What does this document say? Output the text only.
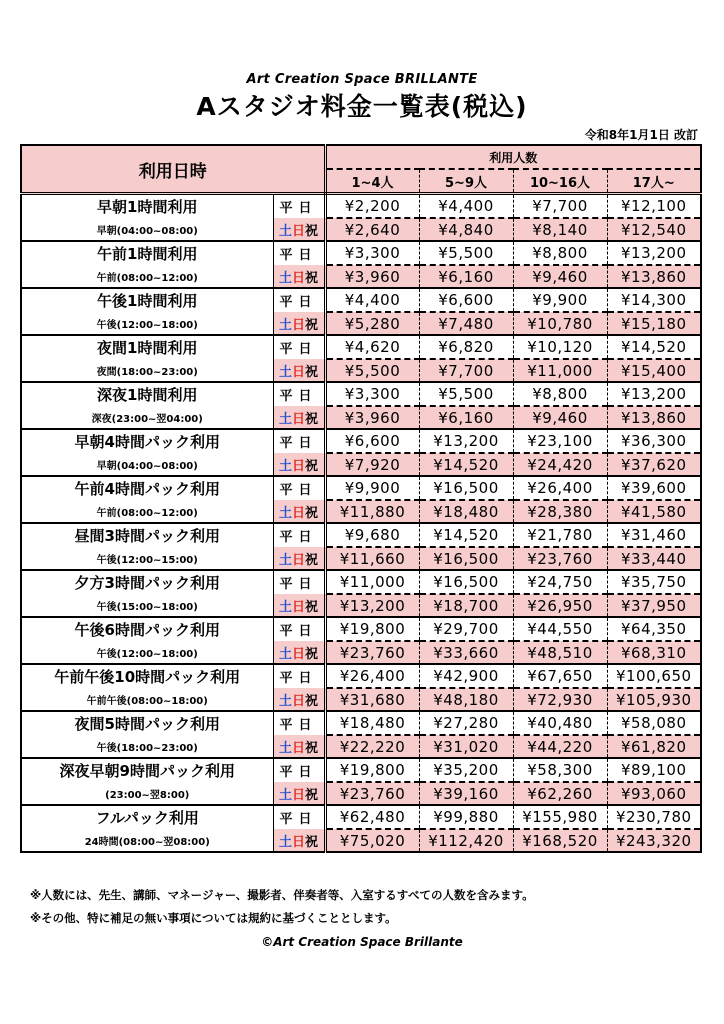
Art Creation Space BRILLANTE
Aスタジオ料金一覧表(税込)
令和8年1月1日 改訂
利用日時		利用人数			
		1~4人	5~9人	10~16人	17人~
早朝1時間利用	平日	¥2,200	¥4,400	¥7,700	¥12,100
早朝(04:00~08:00)	土日祝	¥2,640	¥4,840	¥8,140	¥12,540
午前1時間利用	平日	¥3,300	¥5,500	¥8,800	¥13,200
午前(08:00~12:00)	土日祝	¥3,960	¥6,160	¥9,460	¥13,860
午後1時間利用	平日	¥4,400	¥6,600	¥9,900	¥14,300
午後(12:00~18:00)	土日祝	¥5,280	¥7,480	¥10,780	¥15,180
夜間1時間利用	平日	¥4,620	¥6,820	¥10,120	¥14,520
夜間(18:00~23:00)	土日祝	¥5,500	¥7,700	¥11,000	¥15,400
深夜1時間利用	平日	¥3,300	¥5,500	¥8,800	¥13,200
深夜(23:00~翌04:00)	土日祝	¥3,960	¥6,160	¥9,460	¥13,860
早朝4時間パック利用	平日	¥6,600	¥13,200	¥23,100	¥36,300
早朝(04:00~08:00)	土日祝	¥7,920	¥14,520	¥24,420	¥37,620
午前4時間パック利用	平日	¥9,900	¥16,500	¥26,400	¥39,600
午前(08:00~12:00)	土日祝	¥11,880	¥18,480	¥28,380	¥41,580
昼間3時間パック利用	平日	¥9,680	¥14,520	¥21,780	¥31,460
午後(12:00~15:00)	土日祝	¥11,660	¥16,500	¥23,760	¥33,440
夕方3時間パック利用	平日	¥11,000	¥16,500	¥24,750	¥35,750
午後(15:00~18:00)	土日祝	¥13,200	¥18,700	¥26,950	¥37,950
午後6時間パック利用	平日	¥19,800	¥29,700	¥44,550	¥64,350
午後(12:00~18:00)	土日祝	¥23,760	¥33,660	¥48,510	¥68,310
午前午後10時間パック利用	平日	¥26,400	¥42,900	¥67,650	¥100,650
午前午後(08:00~18:00)	土日祝	¥31,680	¥48,180	¥72,930	¥105,930
夜間5時間パック利用	平日	¥18,480	¥27,280	¥40,480	¥58,080
午後(18:00~23:00)	土日祝	¥22,220	¥31,020	¥44,220	¥61,820
深夜早朝9時間パック利用	平日	¥19,800	¥35,200	¥58,300	¥89,100
(23:00~翌8:00)	土日祝	¥23,760	¥39,160	¥62,260	¥93,060
フルパック利用	平日	¥62,480	¥99,880	¥155,980	¥230,780
24時間(08:00~翌08:00)	土日祝	¥75,020	¥112,420	¥168,520	¥243,320
※人数には、先生、講師、マネージャー、撮影者、伴奏者等、入室するすべての人数を含みます。
※その他、特に補足の無い事項については規約に基づくこととします。
©Art Creation Space Brillante
